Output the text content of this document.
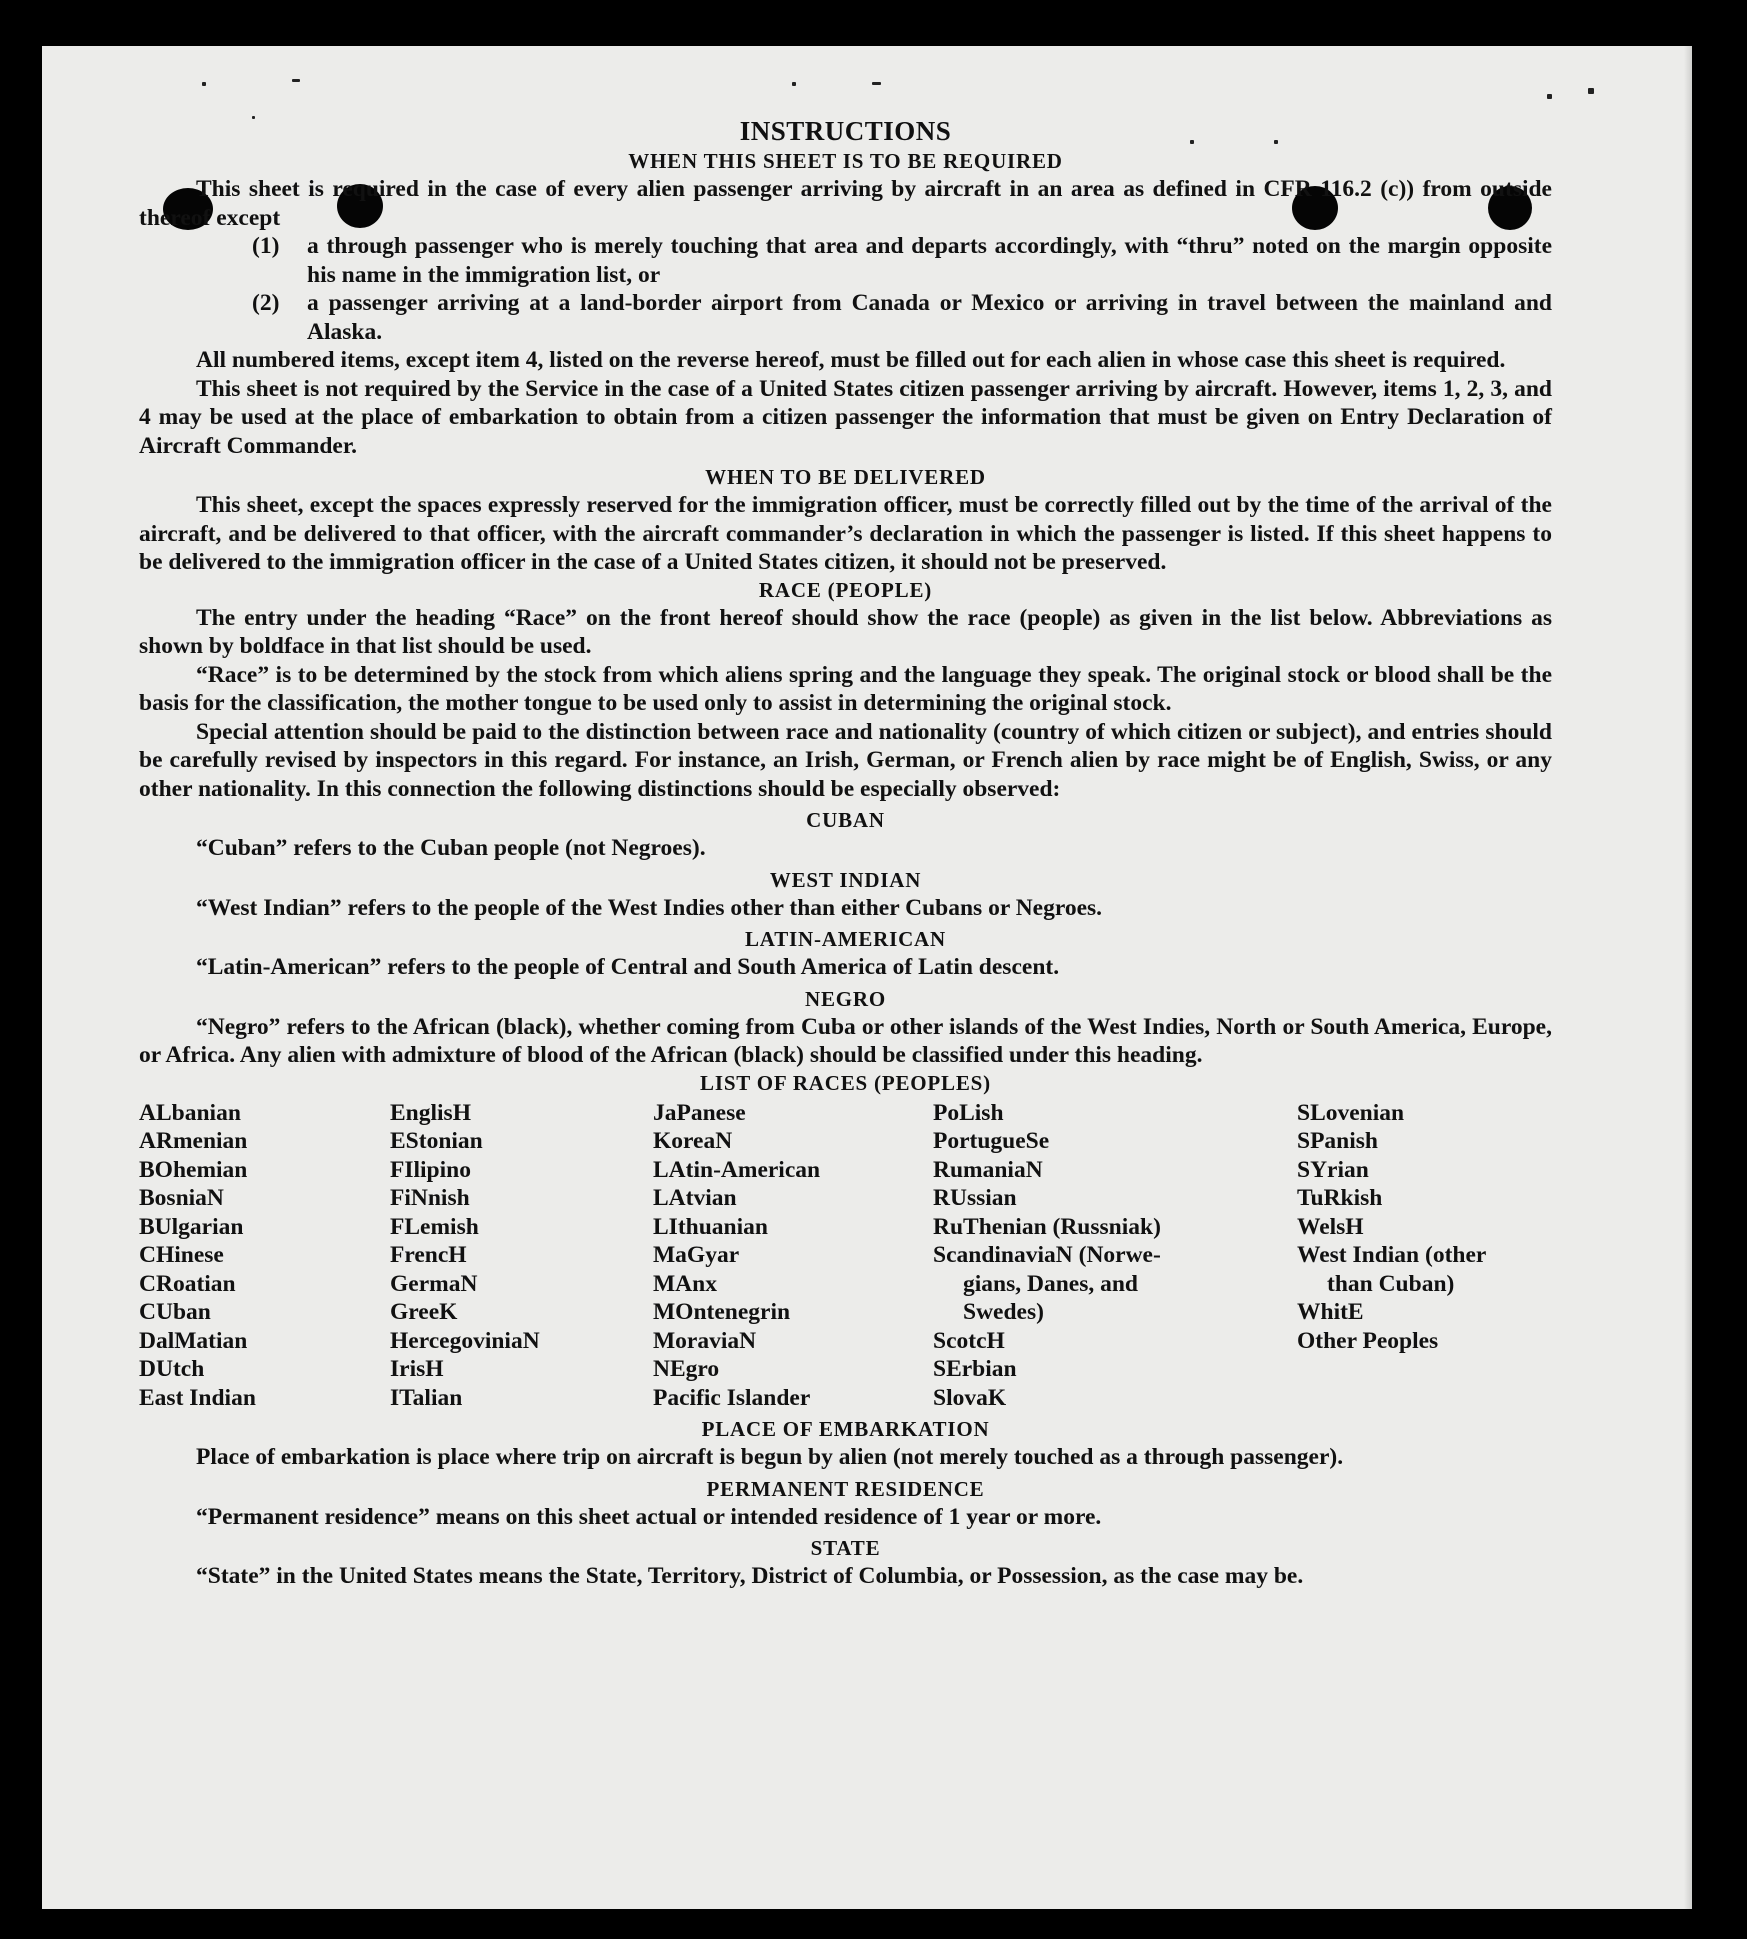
INSTRUCTIONS
WHEN THIS SHEET IS TO BE REQUIRED

This sheet is required in the case of every alien passenger arriving by aircraft in an area as defined in CFR 116.2 (c)) from outside thereof except

(1) a through passenger who is merely touching that area and departs accordingly, with “thru” noted on the margin opposite his name in the immigration list, or

(2) a passenger arriving at a land-border airport from Canada or Mexico or arriving in travel between the mainland and Alaska.

All numbered items, except item 4, listed on the reverse hereof, must be filled out for each alien in whose case this sheet is required.

This sheet is not required by the Service in the case of a United States citizen passenger arriving by aircraft. However, items 1, 2, 3, and 4 may be used at the place of embarkation to obtain from a citizen passenger the information that must be given on Entry Declaration of Aircraft Commander.

WHEN TO BE DELIVERED

This sheet, except the spaces expressly reserved for the immigration officer, must be correctly filled out by the time of the arrival of the aircraft, and be delivered to that officer, with the aircraft commander’s declaration in which the passenger is listed. If this sheet happens to be delivered to the immigration officer in the case of a United States citizen, it should not be preserved.

RACE (PEOPLE)

The entry under the heading “Race” on the front hereof should show the race (people) as given in the list below. Abbreviations as shown by boldface in that list should be used.

“Race” is to be determined by the stock from which aliens spring and the language they speak. The original stock or blood shall be the basis for the classification, the mother tongue to be used only to assist in determining the original stock.

Special attention should be paid to the distinction between race and nationality (country of which citizen or subject), and entries should be carefully revised by inspectors in this regard. For instance, an Irish, German, or French alien by race might be of English, Swiss, or any other nationality. In this connection the following distinctions should be especially observed:

CUBAN

“Cuban” refers to the Cuban people (not Negroes).

WEST INDIAN

“West Indian” refers to the people of the West Indies other than either Cubans or Negroes.

LATIN-AMERICAN

“Latin-American” refers to the people of Central and South America of Latin descent.

NEGRO

“Negro” refers to the African (black), whether coming from Cuba or other islands of the West Indies, North or South America, Europe, or Africa. Any alien with admixture of blood of the African (black) should be classified under this heading.

LIST OF RACES (PEOPLES)
ALbanian
ARmenian
BOhemian
BosniaN
BUlgarian
CHinese
CRoatian
CUban
DalMatian
DUtch
East Indian
EnglisH
EStonian
FIlipino
FiNnish
FLemish
FrencH
GermaN
GreeK
HercegoviniaN
IrisH
ITalian
JaPanese
KoreaN
LAtin-American
LAtvian
LIthuanian
MaGyar
MAnx
MOntenegrin
MoraviaN
NEgro
Pacific Islander
PoLish
PortugueSe
RumaniaN
RUssian
RuThenian (Russniak)
ScandinaviaN (Norwe-
gians, Danes, and
Swedes)
ScotcH
SErbian
SlovaK
SLovenian
SPanish
SYrian
TuRkish
WelsH
West Indian (other
than Cuban)
WhitE
Other Peoples
PLACE OF EMBARKATION

Place of embarkation is place where trip on aircraft is begun by alien (not merely touched as a through passenger).

PERMANENT RESIDENCE

“Permanent residence” means on this sheet actual or intended residence of 1 year or more.

STATE

“State” in the United States means the State, Territory, District of Columbia, or Possession, as the case may be.
